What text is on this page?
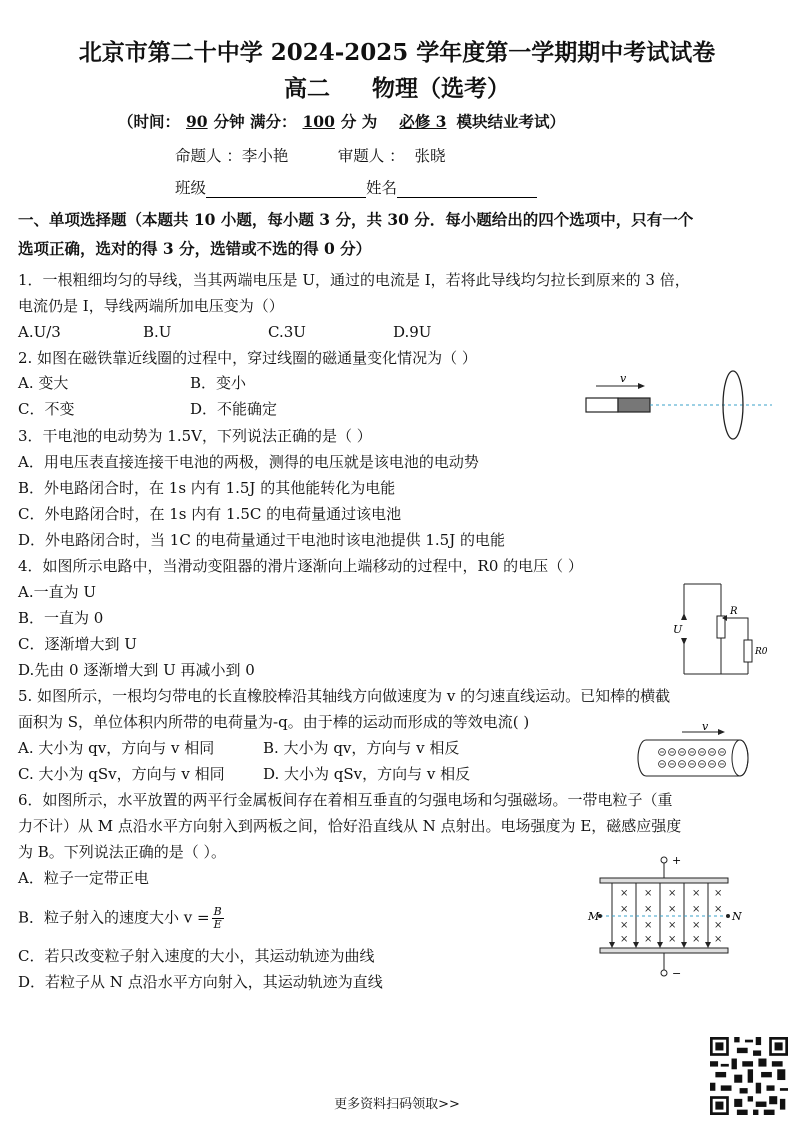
北京市第二十中学 2024-2025 学年度第一学期期中考试试卷
高二 物理（选考）
（时间： 90 分钟 满分： 100 分 为 必修 3 模块结业考试）
命题人 ：李小艳          审题人 ：  张晓
班级	姓名
一、单项选择题（本题共 10 小题，每小题 3 分，共 30 分．每小题给出的四个选项中，只有一个
选项正确，选对的得 3 分，选错或不选的得 0 分）
1．一根粗细均匀的导线，当其两端电压是 U，通过的电流是 I，若将此导线均匀拉长到原来的 3 倍，
电流仍是 I，导线两端所加电压变为（）
A.U/3	B.U	C.3U	D.9U
2. 如图在磁铁靠近线圈的过程中，穿过线圈的磁通量变化情况为（ ）
A. 变大	B．变小
C．不变	D．不能确定
v
3．干电池的电动势为 1.5V，下列说法正确的是（ ）
A．用电压表直接连接干电池的两极，测得的电压就是该电池的电动势
B．外电路闭合时，在 1s 内有 1.5J 的其他能转化为电能
C．外电路闭合时，在 1s 内有 1.5C 的电荷量通过该电池
D．外电路闭合时，当 1C 的电荷量通过干电池时该电池提供 1.5J 的电能
4．如图所示电路中，当滑动变阻器的滑片逐渐向上端移动的过程中，R0 的电压（ ）
A.一直为 U
B．一直为 0
C．逐渐增大到 U
D.先由 0 逐渐增大到 U 再减小到 0
U
R
R0
5. 如图所示，一根均匀带电的长直橡胶棒沿其轴线方向做速度为 v 的匀速直线运动。已知棒的横截
面积为 S，单位体积内所带的电荷量为-q。由于棒的运动而形成的等效电流( )
A. 大小为 qv，方向与 v 相同	B. 大小为 qv，方向与 v 相反
C. 大小为 qSv，方向与 v 相同	D. 大小为 qSv，方向与 v 相反
v
6．如图所示，水平放置的两平行金属板间存在着相互垂直的匀强电场和匀强磁场。一带电粒子（重
力不计）从 M 点沿水平方向射入到两板之间，恰好沿直线从 N 点射出。电场强度为 E，磁感应强度
为 B。下列说法正确的是（ ）。
A．粒子一定带正电
B．粒子射入的速度大小 $v = \frac{B}{E}$
C．若只改变粒子射入速度的大小，其运动轨迹为曲线
D．若粒子从 N 点沿水平方向射入，其运动轨迹为直线
+
−
× × × × ×
× × × × ×
× × × × ×
× × × × ×
M	N
更多资料扫码领取>>
